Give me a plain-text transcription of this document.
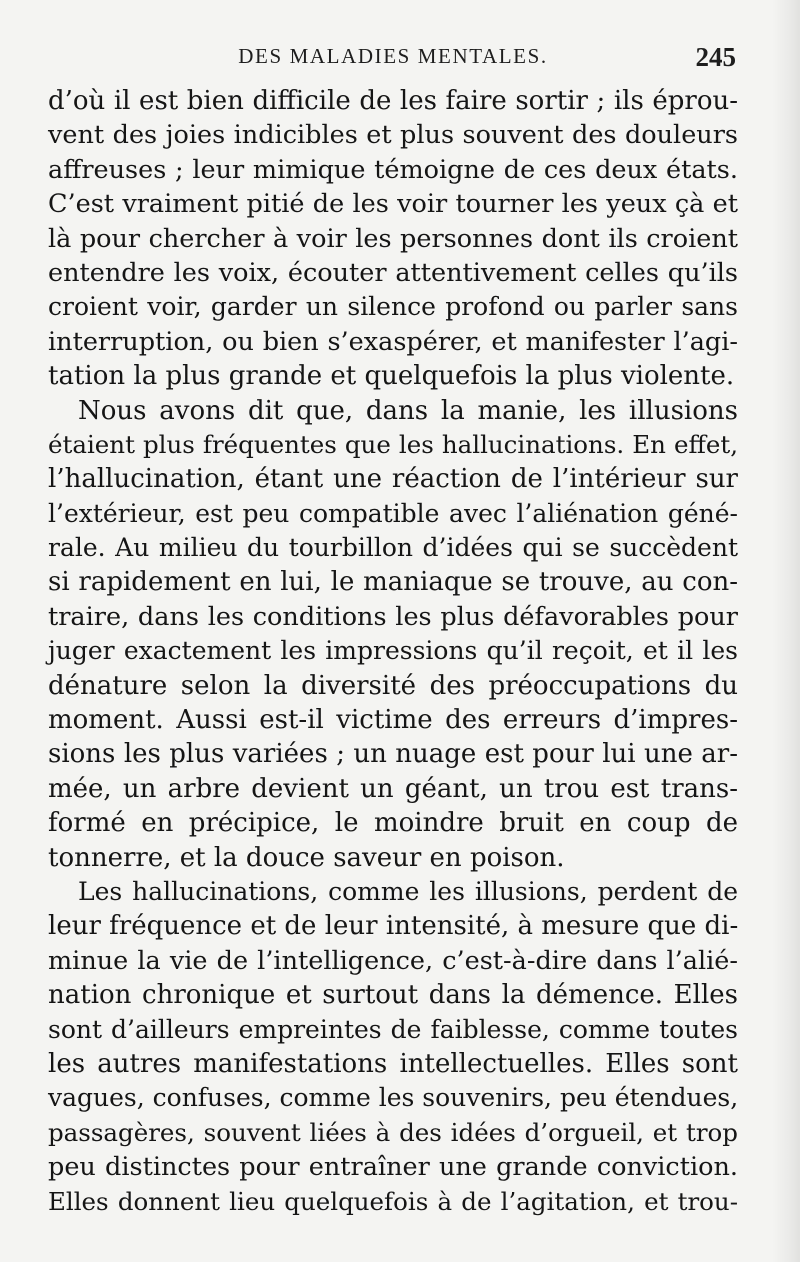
DES MALADIES MENTALES.	245
d’où il est bien difficile de les faire sortir ; ils éprou-
vent des joies indicibles et plus souvent des douleurs
affreuses ; leur mimique témoigne de ces deux états.
C’est vraiment pitié de les voir tourner les yeux çà et
là pour chercher à voir les personnes dont ils croient
entendre les voix, écouter attentivement celles qu’ils
croient voir, garder un silence profond ou parler sans
interruption, ou bien s’exaspérer, et manifester l’agi-
tation la plus grande et quelquefois la plus violente.
Nous avons dit que, dans la manie, les illusions
étaient plus fréquentes que les hallucinations. En effet,
l’hallucination, étant une réaction de l’intérieur sur
l’extérieur, est peu compatible avec l’aliénation géné-
rale. Au milieu du tourbillon d’idées qui se succèdent
si rapidement en lui, le maniaque se trouve, au con-
traire, dans les conditions les plus défavorables pour
juger exactement les impressions qu’il reçoit, et il les
dénature selon la diversité des préoccupations du
moment. Aussi est-il victime des erreurs d’impres-
sions les plus variées ; un nuage est pour lui une ar-
mée, un arbre devient un géant, un trou est trans-
formé en précipice, le moindre bruit en coup de
tonnerre, et la douce saveur en poison.
Les hallucinations, comme les illusions, perdent de
leur fréquence et de leur intensité, à mesure que di-
minue la vie de l’intelligence, c’est-à-dire dans l’alié-
nation chronique et surtout dans la démence. Elles
sont d’ailleurs empreintes de faiblesse, comme toutes
les autres manifestations intellectuelles. Elles sont
vagues, confuses, comme les souvenirs, peu étendues,
passagères, souvent liées à des idées d’orgueil, et trop
peu distinctes pour entraîner une grande conviction.
Elles donnent lieu quelquefois à de l’agitation, et trou-
